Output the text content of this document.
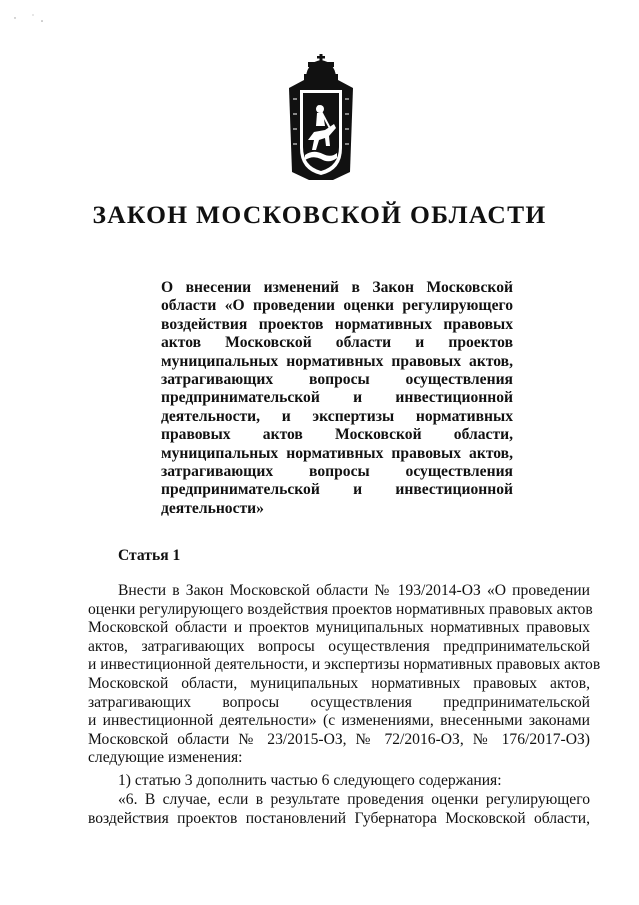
ЗАКОН МОСКОВСКОЙ ОБЛАСТИ
О внесении изменений в Закон Московской
области «О проведении оценки регулирующего
воздействия проектов нормативных правовых
актов Московской области и проектов
муниципальных нормативных правовых актов,
затрагивающих вопросы осуществления
предпринимательской и инвестиционной
деятельности, и экспертизы нормативных
правовых актов Московской области,
муниципальных нормативных правовых актов,
затрагивающих вопросы осуществления
предпринимательской и инвестиционной
деятельности»
Статья 1
Внести в Закон Московской области № 193/2014-ОЗ «О проведении
оценки регулирующего воздействия проектов нормативных правовых актов
Московской области и проектов муниципальных нормативных правовых
актов, затрагивающих вопросы осуществления предпринимательской
и инвестиционной деятельности, и экспертизы нормативных правовых актов
Московской области, муниципальных нормативных правовых актов,
затрагивающих вопросы осуществления предпринимательской
и инвестиционной деятельности» (с изменениями, внесенными законами
Московской области № 23/2015-ОЗ, № 72/2016-ОЗ, № 176/2017-ОЗ)
следующие изменения:
1) статью 3 дополнить частью 6 следующего содержания:
«6. В случае, если в результате проведения оценки регулирующего
воздействия проектов постановлений Губернатора Московской области,
